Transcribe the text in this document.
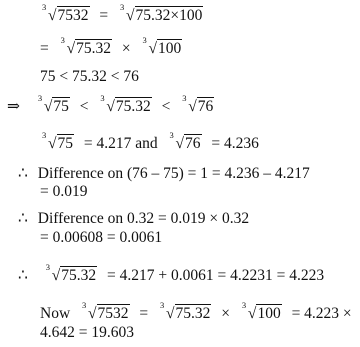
3 √7532 = 3 √75.32×100
= 3 √75.32 × 3 √100
75 < 75.32 < 76
⇒ 3 √75 < 3 √75.32 < 3 √76
3 √75 = 4.217 and 3 √76 = 4.236
∴ Difference on (76 – 75) = 1 = 4.236 – 4.217
= 0.019
∴ Difference on 0.32 = 0.019 × 0.32
= 0.00608 = 0.0061
∴ 3 √75.32 = 4.217 + 0.0061 = 4.2231 = 4.223
Now 3 √7532 = 3 √75.32 × 3 √100 = 4.223 ×
4.642 = 19.603
